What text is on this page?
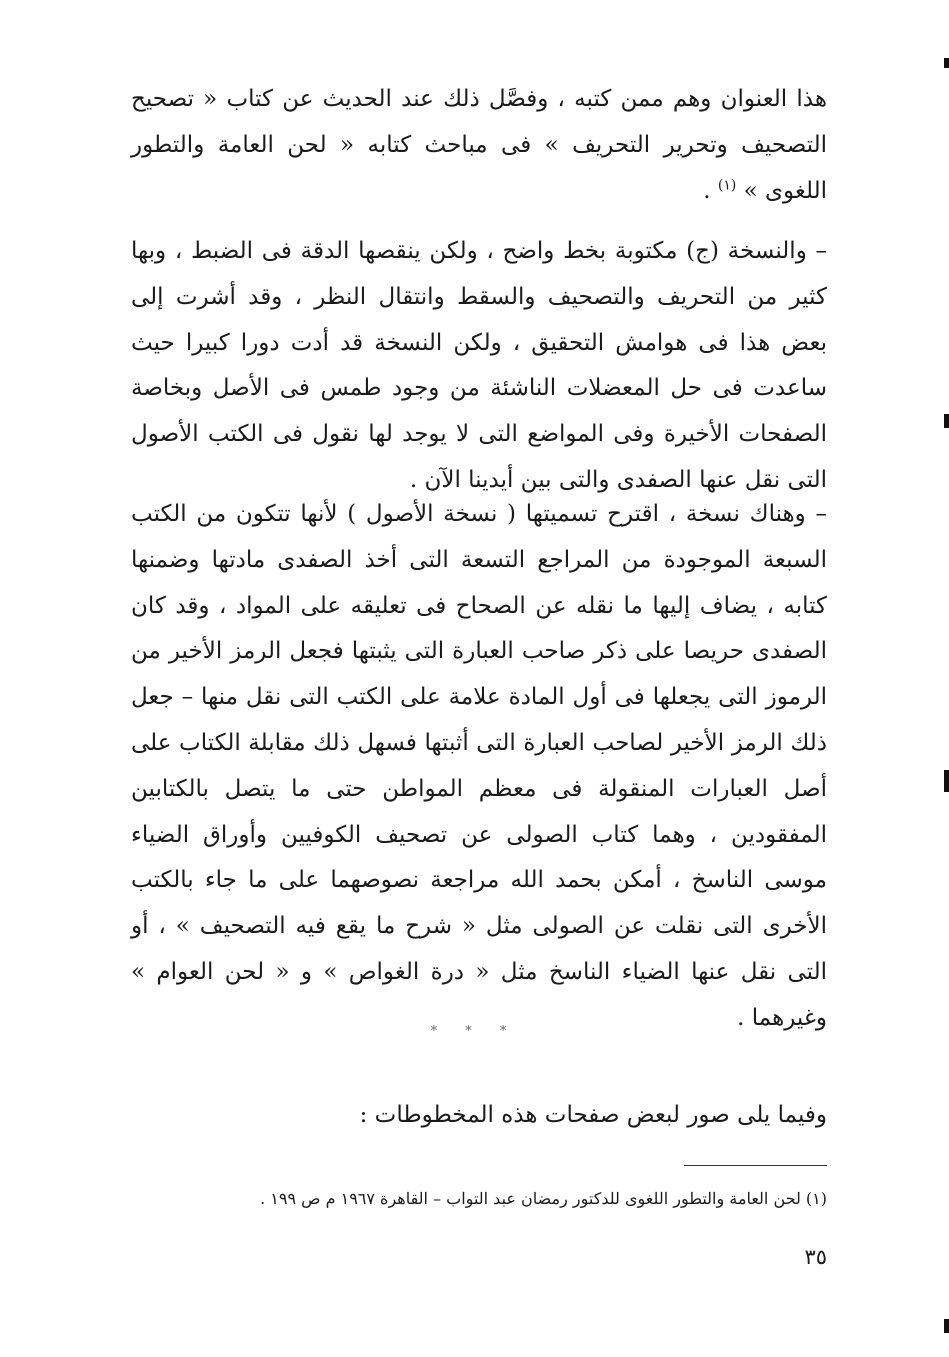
هذا العنوان وهم ممن كتبه ، وفصَّل ذلك عند الحديث عن كتاب « تصحيح التصحيف وتحرير التحريف » فى مباحث كتابه « لحن العامة والتطور اللغوى » $^{(١)}$ .

– والنسخة (ج) مكتوبة بخط واضح ، ولكن ينقصها الدقة فى الضبط ، وبها كثير من التحريف والتصحيف والسقط وانتقال النظر ، وقد أشرت إلى بعض هذا فى هوامش التحقيق ، ولكن النسخة قد أدت دورا كبيرا حيث ساعدت فى حل المعضلات الناشئة من وجود طمس فى الأصل وبخاصة الصفحات الأخيرة وفى المواضع التى لا يوجد لها نقول فى الكتب الأصول التى نقل عنها الصفدى والتى بين أيدينا الآن .

– وهناك نسخة ، اقترح تسميتها ( نسخة الأصول ) لأنها تتكون من الكتب السبعة الموجودة من المراجع التسعة التى أخذ الصفدى مادتها وضمنها كتابه ، يضاف إليها ما نقله عن الصحاح فى تعليقه على المواد ، وقد كان الصفدى حريصا على ذكر صاحب العبارة التى يثبتها فجعل الرمز الأخير من الرموز التى يجعلها فى أول المادة علامة على الكتب التى نقل منها – جعل ذلك الرمز الأخير لصاحب العبارة التى أثبتها فسهل ذلك مقابلة الكتاب على أصل العبارات المنقولة فى معظم المواطن حتى ما يتصل بالكتابين المفقودين ، وهما كتاب الصولى عن تصحيف الكوفيين وأوراق الضياء موسى الناسخ ، أمكن بحمد الله مراجعة نصوصهما على ما جاء بالكتب الأخرى التى نقلت عن الصولى مثل « شرح ما يقع فيه التصحيف » ، أو التى نقل عنها الضياء الناسخ مثل « درة الغواص » و « لحن العوام » وغيرهما .

* * *

وفيما يلى صور لبعض صفحات هذه المخطوطات :

(١) لحن العامة والتطور اللغوى للدكتور رمضان عبد التواب – القاهرة ١٩٦٧ م ص ١٩٩ .

٣٥
